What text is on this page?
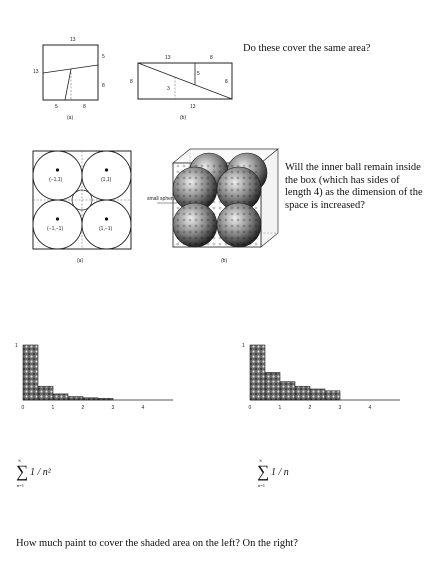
13
13
5
8
5	8
(a)
13	8
8	8
5
3
13
(b)
Do these cover the same area?
(−1,1)	(1,1)
(−1,−1)	(1,−1)
(a)
small sphere
(b)
Will the inner ball remain inside the box (which has sides of length 4) as the dimension of the space is increased?
1
0	1	2	3	4
1
0	1	2	3	4
∞
∑ 1 / n²
n=1
∞
∑ 1 / n
n=1
How much paint to cover the shaded area on the left? On the right?
